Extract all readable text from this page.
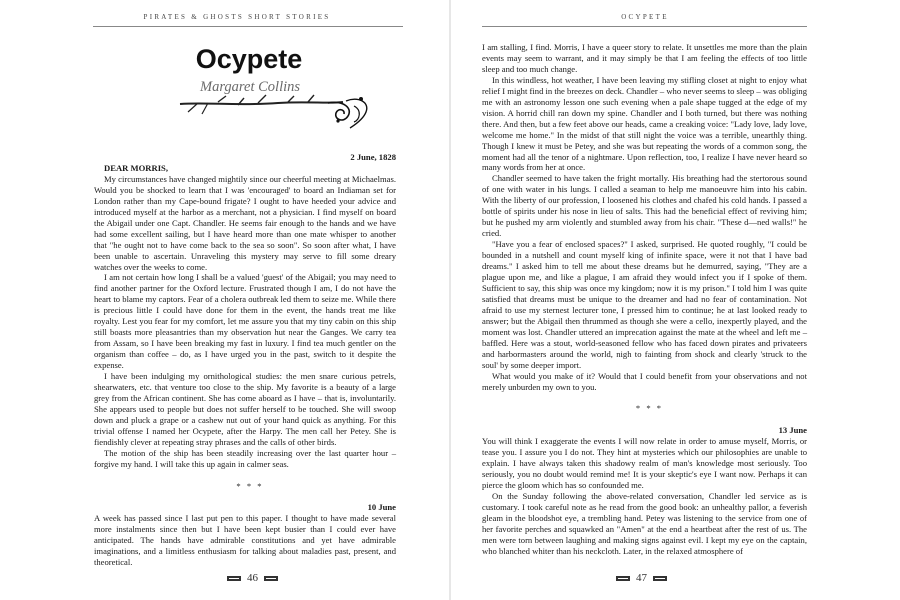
PIRATES & GHOSTS SHORT STORIES
Ocypete
Margaret Collins

2 June, 1828

DEAR MORRIS,

My circumstances have changed mightily since our cheerful meeting at Michaelmas. Would you be shocked to learn that I was 'encouraged' to board an Indiaman set for London rather than my Cape-bound frigate? I ought to have heeded your advice and introduced myself at the harbor as a merchant, not a physician. I find myself on board the Abigail under one Capt. Chandler. He seems fair enough to the hands and we have had some excellent sailing, but I have heard more than one mate whisper to another that "he ought not to have come back to the sea so soon". So soon after what, I have been unable to ascertain. Unraveling this mystery may serve to fill some dreary watches over the weeks to come.

I am not certain how long I shall be a valued 'guest' of the Abigail; you may need to find another partner for the Oxford lecture. Frustrated though I am, I do not have the heart to blame my captors. Fear of a cholera outbreak led them to seize me. While there is precious little I could have done for them in the event, the hands treat me like royalty. Lest you fear for my comfort, let me assure you that my tiny cabin on this ship still boasts more pleasantries than my observation hut near the Ganges. We carry tea from Assam, so I have been breaking my fast in luxury. I find tea much gentler on the organism than coffee – do, as I have urged you in the past, switch to it despite the expense.

I have been indulging my ornithological studies: the men snare curious petrels, shearwaters, etc. that venture too close to the ship. My favorite is a beauty of a large grey from the African continent. She has come aboard as I have – that is, involuntarily. She appears used to people but does not suffer herself to be touched. She will swoop down and pluck a grape or a cashew nut out of your hand quick as anything. For this trivial offense I named her Ocypete, after the Harpy. The men call her Petey. She is fiendishly clever at repeating stray phrases and the calls of other birds.

The motion of the ship has been steadily increasing over the last quarter hour – forgive my hand. I will take this up again in calmer seas.

* * *

10 June

A week has passed since I last put pen to this paper. I thought to have made several more instalments since then but I have been kept busier than I could ever have anticipated. The hands have admirable constitutions and yet have admirable imaginations, and a limitless enthusiasm for talking about maladies past, present, and theoretical.

46
OCYPETE

I am stalling, I find. Morris, I have a queer story to relate. It unsettles me more than the plain events may seem to warrant, and it may simply be that I am feeling the effects of too little sleep and too much change.

In this windless, hot weather, I have been leaving my stifling closet at night to enjoy what relief I might find in the breezes on deck. Chandler – who never seems to sleep – was obliging me with an astronomy lesson one such evening when a pale shape tugged at the edge of my vision. A horrid chill ran down my spine. Chandler and I both turned, but there was nothing there. And then, but a few feet above our heads, came a creaking voice: "Lady love, lady love, welcome me home." In the midst of that still night the voice was a terrible, unearthly thing. Though I knew it must be Petey, and she was but repeating the words of a common song, the moment had all the tenor of a nightmare. Upon reflection, too, I realize I have never heard so many words from her at once.

Chandler seemed to have taken the fright mortally. His breathing had the stertorous sound of one with water in his lungs. I called a seaman to help me manoeuvre him into his cabin. With the liberty of our profession, I loosened his clothes and chafed his cold hands. I passed a bottle of spirits under his nose in lieu of salts. This had the beneficial effect of reviving him; but he pushed my arm violently and stumbled away from his chair. "These d—ned walls!" he cried.

"Have you a fear of enclosed spaces?" I asked, surprised. He quoted roughly, "I could be bounded in a nutshell and count myself king of infinite space, were it not that I have bad dreams." I asked him to tell me about these dreams but he demurred, saying, "They are a plague upon me, and like a plague, I am afraid they would infect you if I spoke of them. Sufficient to say, this ship was once my kingdom; now it is my prison." I told him I was quite satisfied that dreams must be unique to the dreamer and had no fear of contamination. Not afraid to use my sternest lecturer tone, I pressed him to continue; he at last looked ready to answer; but the Abigail then thrummed as though she were a cello, inexpertly played, and the moment was lost. Chandler uttered an imprecation against the mate at the wheel and left me – baffled. Here was a stout, world-seasoned fellow who has faced down pirates and privateers and harbormasters around the world, nigh to fainting from shock and clearly 'struck to the soul' by some deeper import.

What would you make of it? Would that I could benefit from your observations and not merely unburden my own to you.

* * *

13 June

You will think I exaggerate the events I will now relate in order to amuse myself, Morris, or tease you. I assure you I do not. They hint at mysteries which our philosophies are unable to explain. I have always taken this shadowy realm of man's knowledge most seriously. Too seriously, you no doubt would remind me! It is your skeptic's eye I want now. Perhaps it can pierce the gloom which has so confounded me.

On the Sunday following the above-related conversation, Chandler led service as is customary. I took careful note as he read from the good book: an unhealthy pallor, a feverish gleam in the bloodshot eye, a trembling hand. Petey was listening to the service from one of her favorite perches and squawked an "Amen" at the end a heartbeat after the rest of us. The men were torn between laughing and making signs against evil. I kept my eye on the captain, who blanched whiter than his neckcloth. Later, in the relaxed atmosphere of

47
